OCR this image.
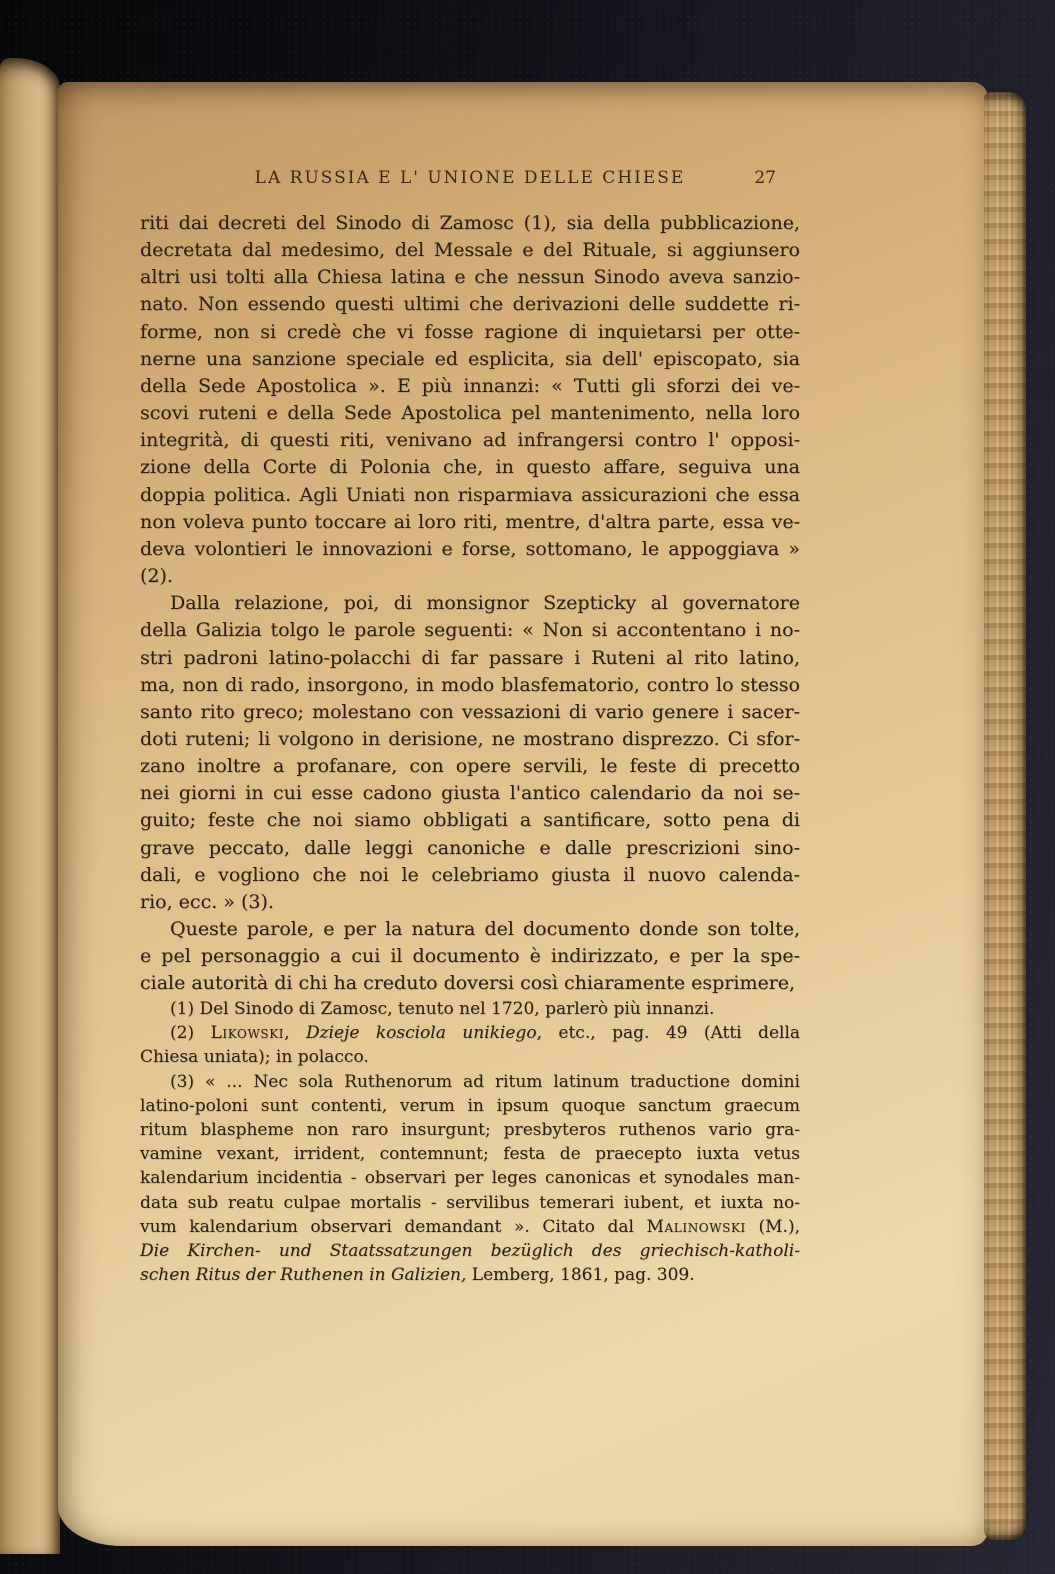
LA RUSSIA E L' UNIONE DELLE CHIESE	27
riti dai decreti del Sinodo di Zamosc (1), sia della pubblicazione,
decretata dal medesimo, del Messale e del Rituale, si aggiunsero
altri usi tolti alla Chiesa latina e che nessun Sinodo aveva sanzio-
nato. Non essendo questi ultimi che derivazioni delle suddette ri-
forme, non si credè che vi fosse ragione di inquietarsi per otte-
nerne una sanzione speciale ed esplicita, sia dell' episcopato, sia
della Sede Apostolica ». E più innanzi: « Tutti gli sforzi dei ve-
scovi ruteni e della Sede Apostolica pel mantenimento, nella loro
integrità, di questi riti, venivano ad infrangersi contro l' opposi-
zione della Corte di Polonia che, in questo affare, seguiva una
doppia politica. Agli Uniati non risparmiava assicurazioni che essa
non voleva punto toccare ai loro riti, mentre, d'altra parte, essa ve-
deva volontieri le innovazioni e forse, sottomano, le appoggiava » (2).
Dalla relazione, poi, di monsignor Szepticky al governatore
della Galizia tolgo le parole seguenti: « Non si accontentano i no-
stri padroni latino-polacchi di far passare i Ruteni al rito latino,
ma, non di rado, insorgono, in modo blasfematorio, contro lo stesso
santo rito greco; molestano con vessazioni di vario genere i sacer-
doti ruteni; li volgono in derisione, ne mostrano disprezzo. Ci sfor-
zano inoltre a profanare, con opere servili, le feste di precetto
nei giorni in cui esse cadono giusta l'antico calendario da noi se-
guito; feste che noi siamo obbligati a santificare, sotto pena di
grave peccato, dalle leggi canoniche e dalle prescrizioni sino-
dali, e vogliono che noi le celebriamo giusta il nuovo calenda-
rio, ecc. » (3).
Queste parole, e per la natura del documento donde son tolte,
e pel personaggio a cui il documento è indirizzato, e per la spe-
ciale autorità di chi ha creduto doversi così chiaramente esprimere,
(1) Del Sinodo di Zamosc, tenuto nel 1720, parlerò più innanzi.
(2) Likowski, Dzieje kosciola unikiego, etc., pag. 49 (Atti della
Chiesa uniata); in polacco.
(3) « ... Nec sola Ruthenorum ad ritum latinum traductione domini
latino-poloni sunt contenti, verum in ipsum quoque sanctum graecum
ritum blaspheme non raro insurgunt; presbyteros ruthenos vario gra-
vamine vexant, irrident, contemnunt; festa de praecepto iuxta vetus
kalendarium incidentia - observari per leges canonicas et synodales man-
data sub reatu culpae mortalis - servilibus temerari iubent, et iuxta no-
vum kalendarium observari demandant ». Citato dal Malinowski (M.),
Die Kirchen- und Staatssatzungen bezüglich des griechisch-katholi-
schen Ritus der Ruthenen in Galizien, Lemberg, 1861, pag. 309.
